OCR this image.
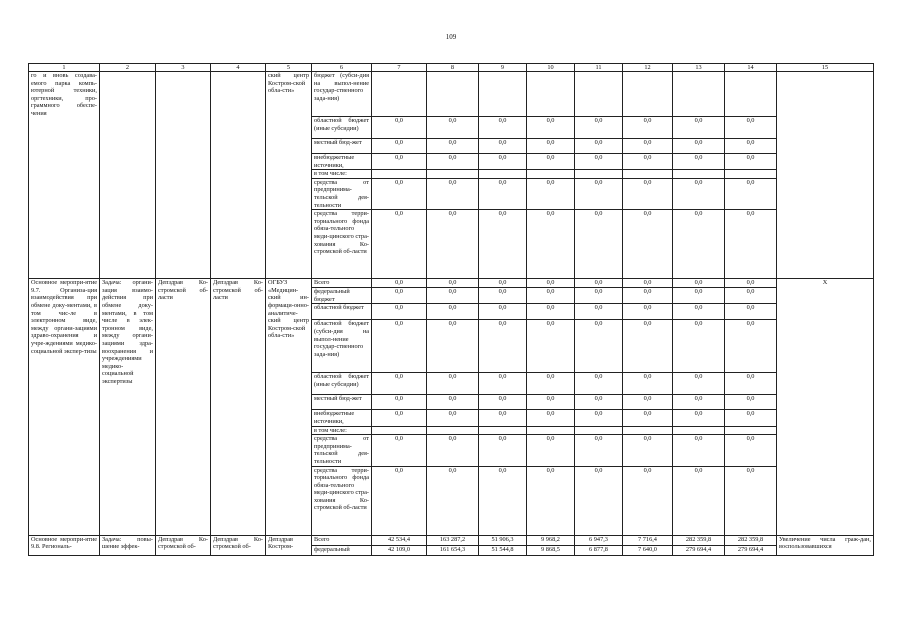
109
1	2	3	4	5	6	7	8	9	10	11	12	13	14	15
го и вновь создава-емого парка компь-ютерной техники, оргтехники, про-граммного обеспе-чения				ский центр Костром-ской обла-сти»	бюджет (субси-дия на выпол-нение государ-ственного зада-ния)									
					областной бюджет (иные субсидии)	0,0	0,0	0,0	0,0	0,0	0,0	0,0	0,0	
					местный бюд-жет	0,0	0,0	0,0	0,0	0,0	0,0	0,0	0,0	
					внебюджетные источники,	0,0	0,0	0,0	0,0	0,0	0,0	0,0	0,0	
					в том числе:									
					средства от предпринима-тельской дея-тельности	0,0	0,0	0,0	0,0	0,0	0,0	0,0	0,0	
					средства терри-ториального фонда обяза-тельного меди-цинского стра-хования Ко-стромской об-ласти	0,0	0,0	0,0	0,0	0,0	0,0	0,0	0,0	
Основное меропри-ятие 9.7. Организа-ция взаимодействия при обмене доку-ментами, в том чис-ле в электронном виде, между органи-зациями здраво-охранения и учре-ждениями медико-социальной экспер-тизы	Задача: органи-зация взаимо-действия при обмене доку-ментами, в том числе в элек-тронном виде, между органи-зациями здра-воохранения и учреждениями медико-социальной экспертизы	Депздрав Ко-стромской об-ласти	Депздрав Ко-стромской об-ласти	ОГБУЗ «Медицин-ский ин-формаци-онно-аналитиче-ский центр Костром-ской обла-сти»	Всего	0,0	0,0	0,0	0,0	0,0	0,0	0,0	0,0	Х
					федеральный бюджет	0,0	0,0	0,0	0,0	0,0	0,0	0,0	0,0	
					областной бюджет	0,0	0,0	0,0	0,0	0,0	0,0	0,0	0,0	
					областной бюджет (субси-дия на выпол-нение государ-ственного зада-ния)	0,0	0,0	0,0	0,0	0,0	0,0	0,0	0,0	
					областной бюджет (иные субсидии)	0,0	0,0	0,0	0,0	0,0	0,0	0,0	0,0	
					местный бюд-жет	0,0	0,0	0,0	0,0	0,0	0,0	0,0	0,0	
					внебюджетные источники,	0,0	0,0	0,0	0,0	0,0	0,0	0,0	0,0	
					в том числе:									
					средства от предпринима-тельской дея-тельности	0,0	0,0	0,0	0,0	0,0	0,0	0,0	0,0	
					средства терри-ториального фонда обяза-тельного меди-цинского стра-хования Ко-стромской об-ласти	0,0	0,0	0,0	0,0	0,0	0,0	0,0	0,0	
Основное меропри-ятие 9.8. Региональ-	Задача: повы-шение эффек-	Депздрав Ко-стромской об-	Депздрав Ко-стромской об-	Депздрав Костром-	Всего	42 534,4	163 287,2	51 906,3	9 968,2	6 947,3	7 716,4	282 359,8	282 359,8	Увеличение числа граж-дан, воспользовавшихся
					федеральный	42 109,0	161 654,3	51 544,8	9 868,5	6 877,8	7 640,0	279 694,4	279 694,4	
